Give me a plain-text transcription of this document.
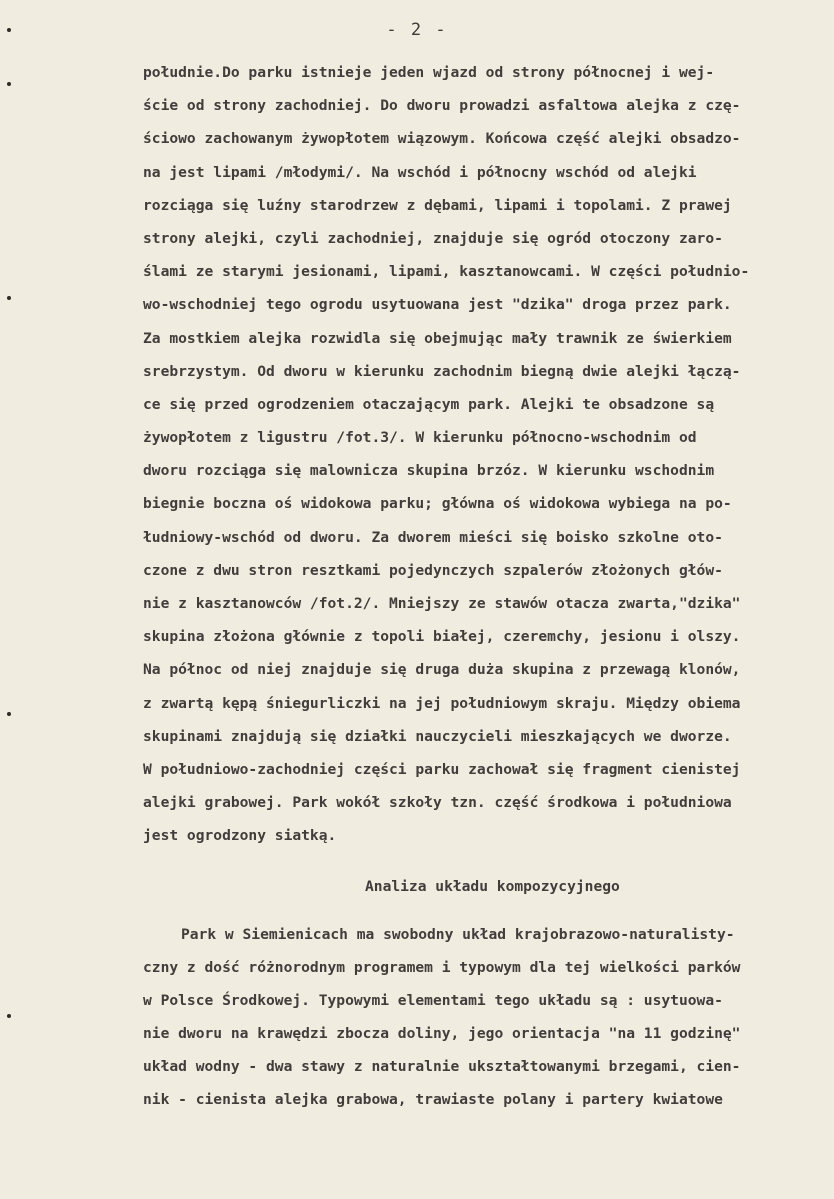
- 2 -
południe.Do parku istnieje jeden wjazd od strony północnej i wej-
ście od strony zachodniej. Do dworu prowadzi asfaltowa alejka z czę-
ściowo zachowanym żywopłotem wiązowym. Końcowa część alejki obsadzo-
na jest lipami /młodymi/. Na wschód i północny wschód od alejki
rozciąga się luźny starodrzew z dębami, lipami i topolami. Z prawej
strony alejki, czyli zachodniej, znajduje się ogród otoczony zaro-
ślami ze starymi jesionami, lipami, kasztanowcami. W części południo-
wo-wschodniej tego ogrodu usytuowana jest "dzika" droga przez park.
Za mostkiem alejka rozwidla się obejmując mały trawnik ze świerkiem
srebrzystym. Od dworu w kierunku zachodnim biegną dwie alejki łączą-
ce się przed ogrodzeniem otaczającym park. Alejki te obsadzone są
żywopłotem z ligustru /fot.3/. W kierunku północno-wschodnim od
dworu rozciąga się malownicza skupina brzóz. W kierunku wschodnim
biegnie boczna oś widokowa parku; główna oś widokowa wybiega na po-
łudniowy-wschód od dworu. Za dworem mieści się boisko szkolne oto-
czone z dwu stron resztkami pojedynczych szpalerów złożonych głów-
nie z kasztanowców /fot.2/. Mniejszy ze stawów otacza zwarta,"dzika"
skupina złożona głównie z topoli białej, czeremchy, jesionu i olszy.
Na północ od niej znajduje się druga duża skupina z przewagą klonów,
z zwartą kępą śniegurliczki na jej południowym skraju. Między obiema
skupinami znajdują się działki nauczycieli mieszkających we dworze.
W południowo-zachodniej części parku zachował się fragment cienistej
alejki grabowej. Park wokół szkoły tzn. część środkowa i południowa
jest ogrodzony siatką.
Analiza układu kompozycyjnego
Park w Siemienicach ma swobodny układ krajobrazowo-naturalisty-
czny z dość różnorodnym programem i typowym dla tej wielkości parków
w Polsce Środkowej. Typowymi elementami tego układu są : usytuowa-
nie dworu na krawędzi zbocza doliny, jego orientacja "na 11 godzinę"
układ wodny - dwa stawy z naturalnie ukształtowanymi brzegami, cien-
nik - cienista alejka grabowa, trawiaste polany i partery kwiatowe
